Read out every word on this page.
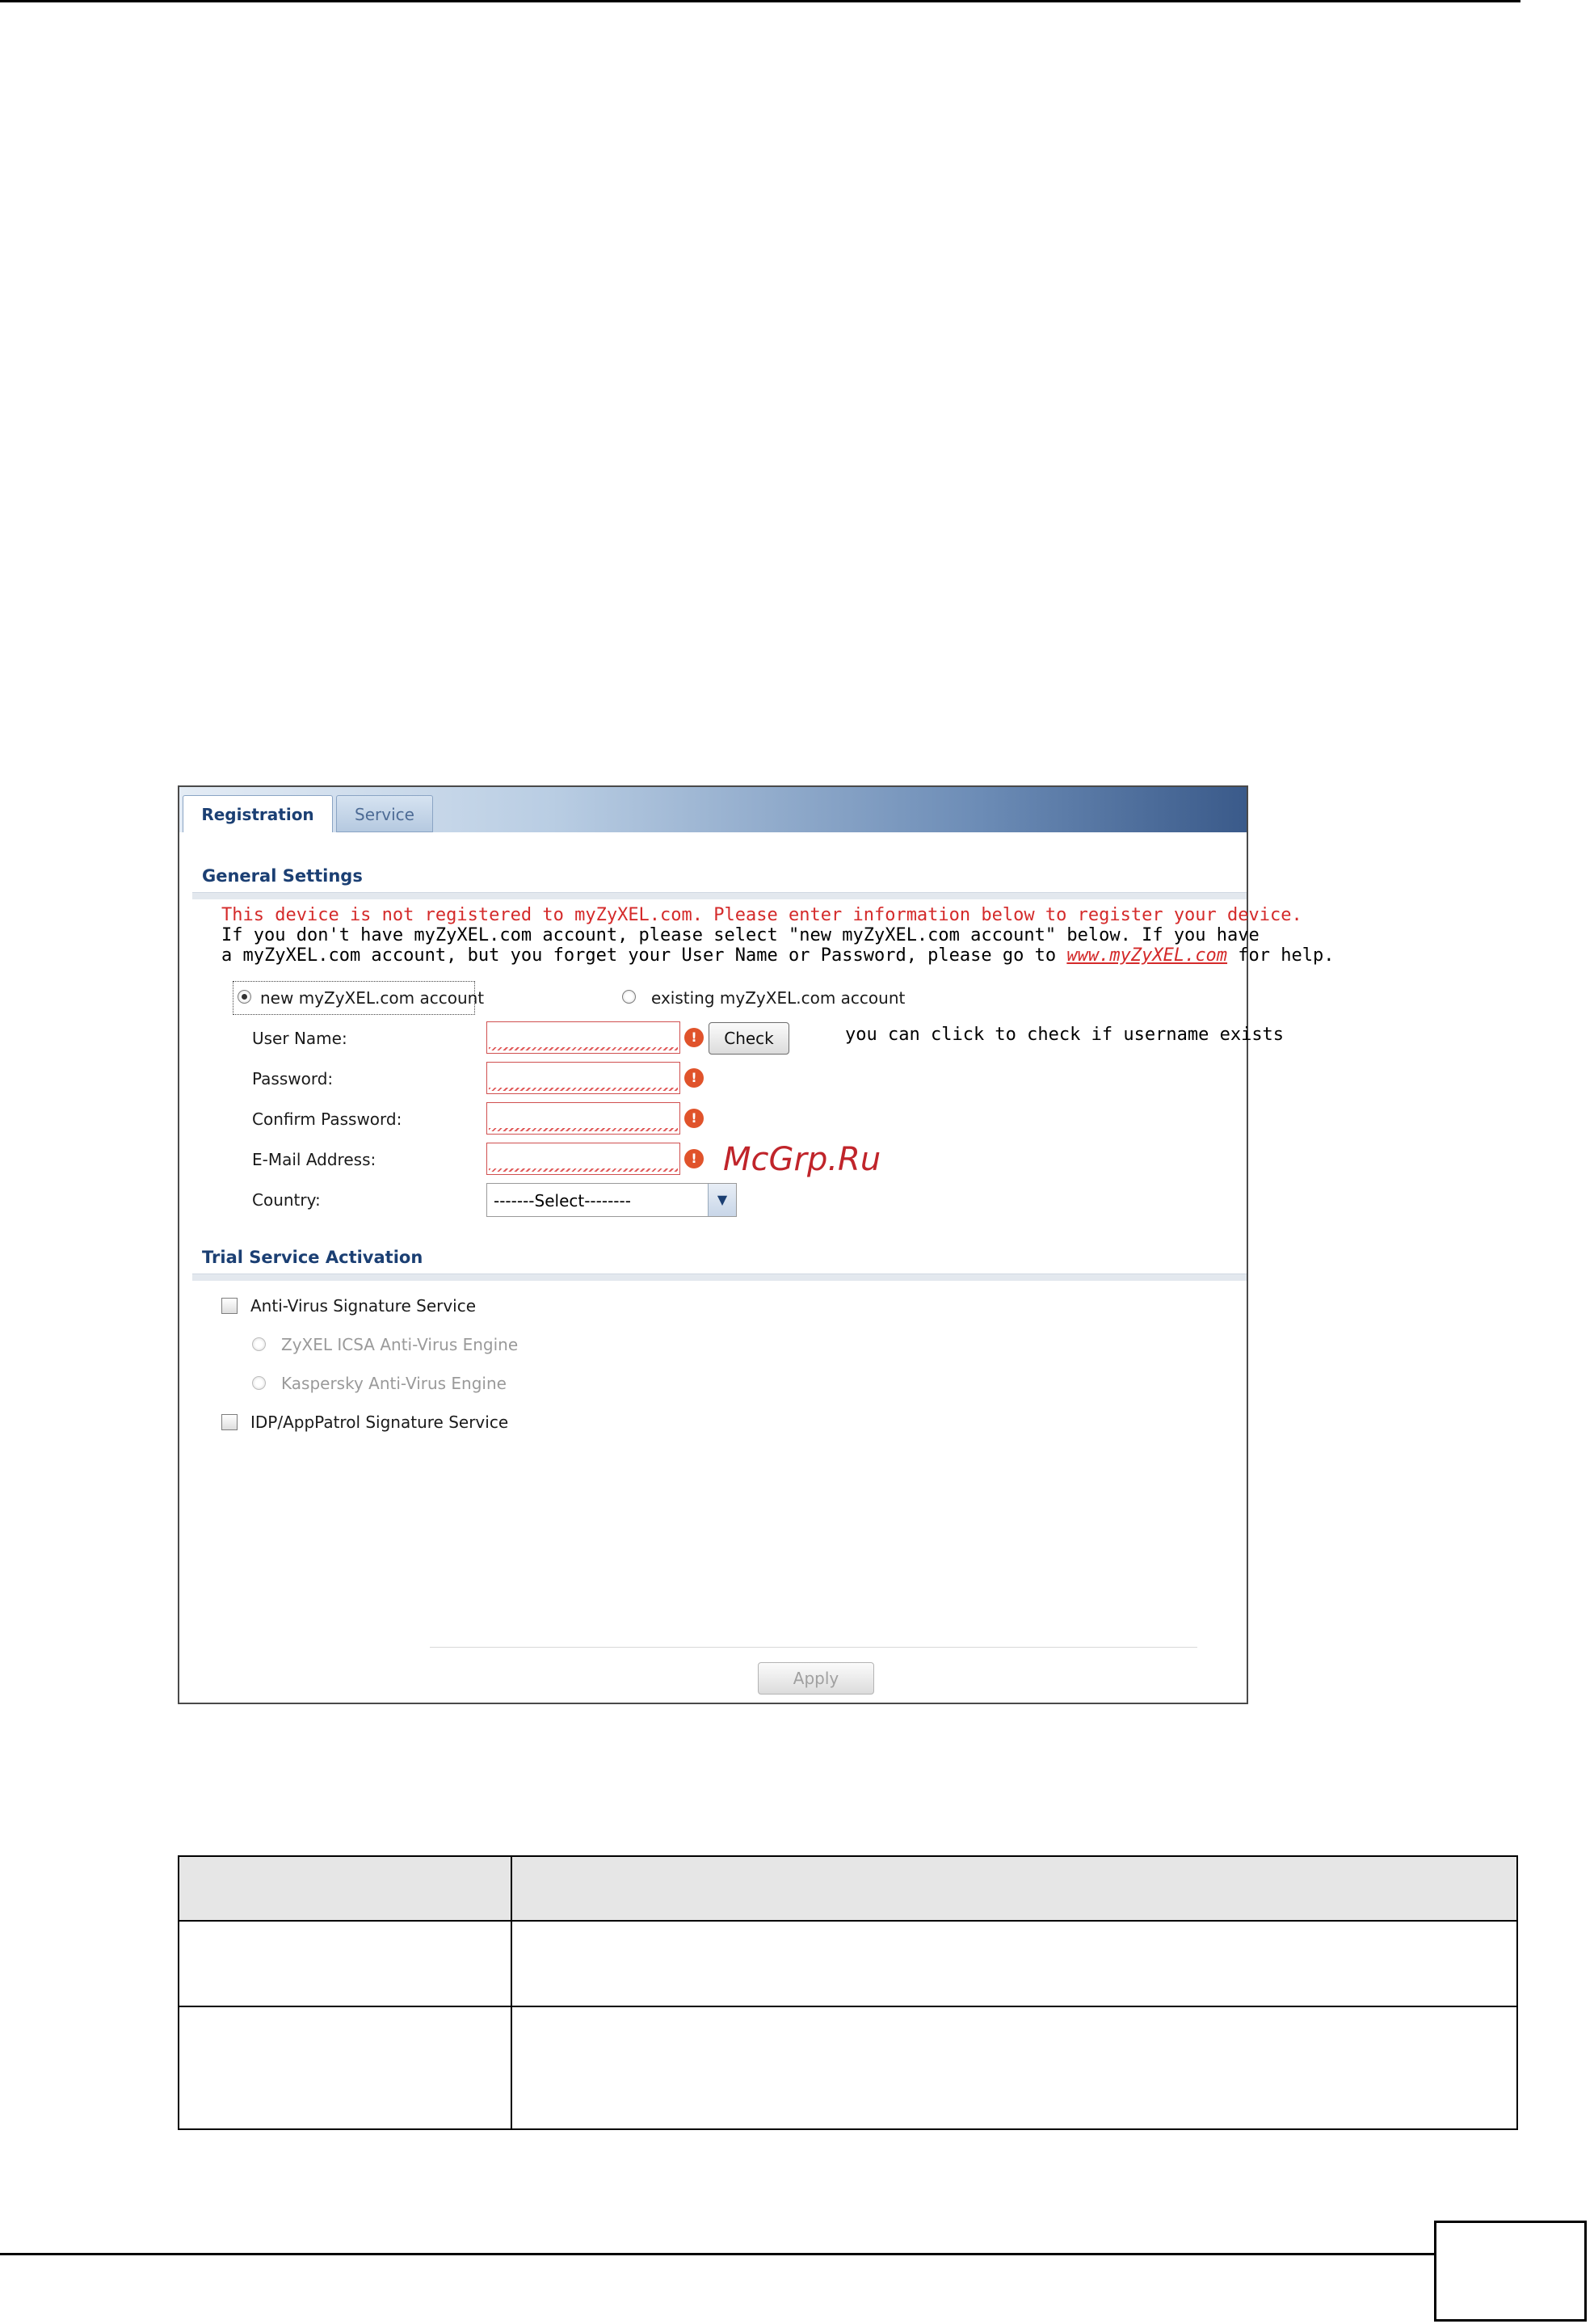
Registration	Service
General Settings
This device is not registered to myZyXEL.com. Please enter information below to register your device.
If you don't have myZyXEL.com account, please select "new myZyXEL.com account" below. If you have
a myZyXEL.com account, but you forget your User Name or Password, please go to www.myZyXEL.com for help.
new myZyXEL.com account	existing myZyXEL.com account
User Name:	!	Check	you can click to check if username exists
Password:	!
Confirm Password:	!
E-Mail Address:	!
Country:	-------Select--------	▼
Trial Service Activation
Anti-Virus Signature Service
ZyXEL ICSA Anti-Virus Engine
Kaspersky Anti-Virus Engine
IDP/AppPatrol Signature Service
Apply
McGrp.Ru
